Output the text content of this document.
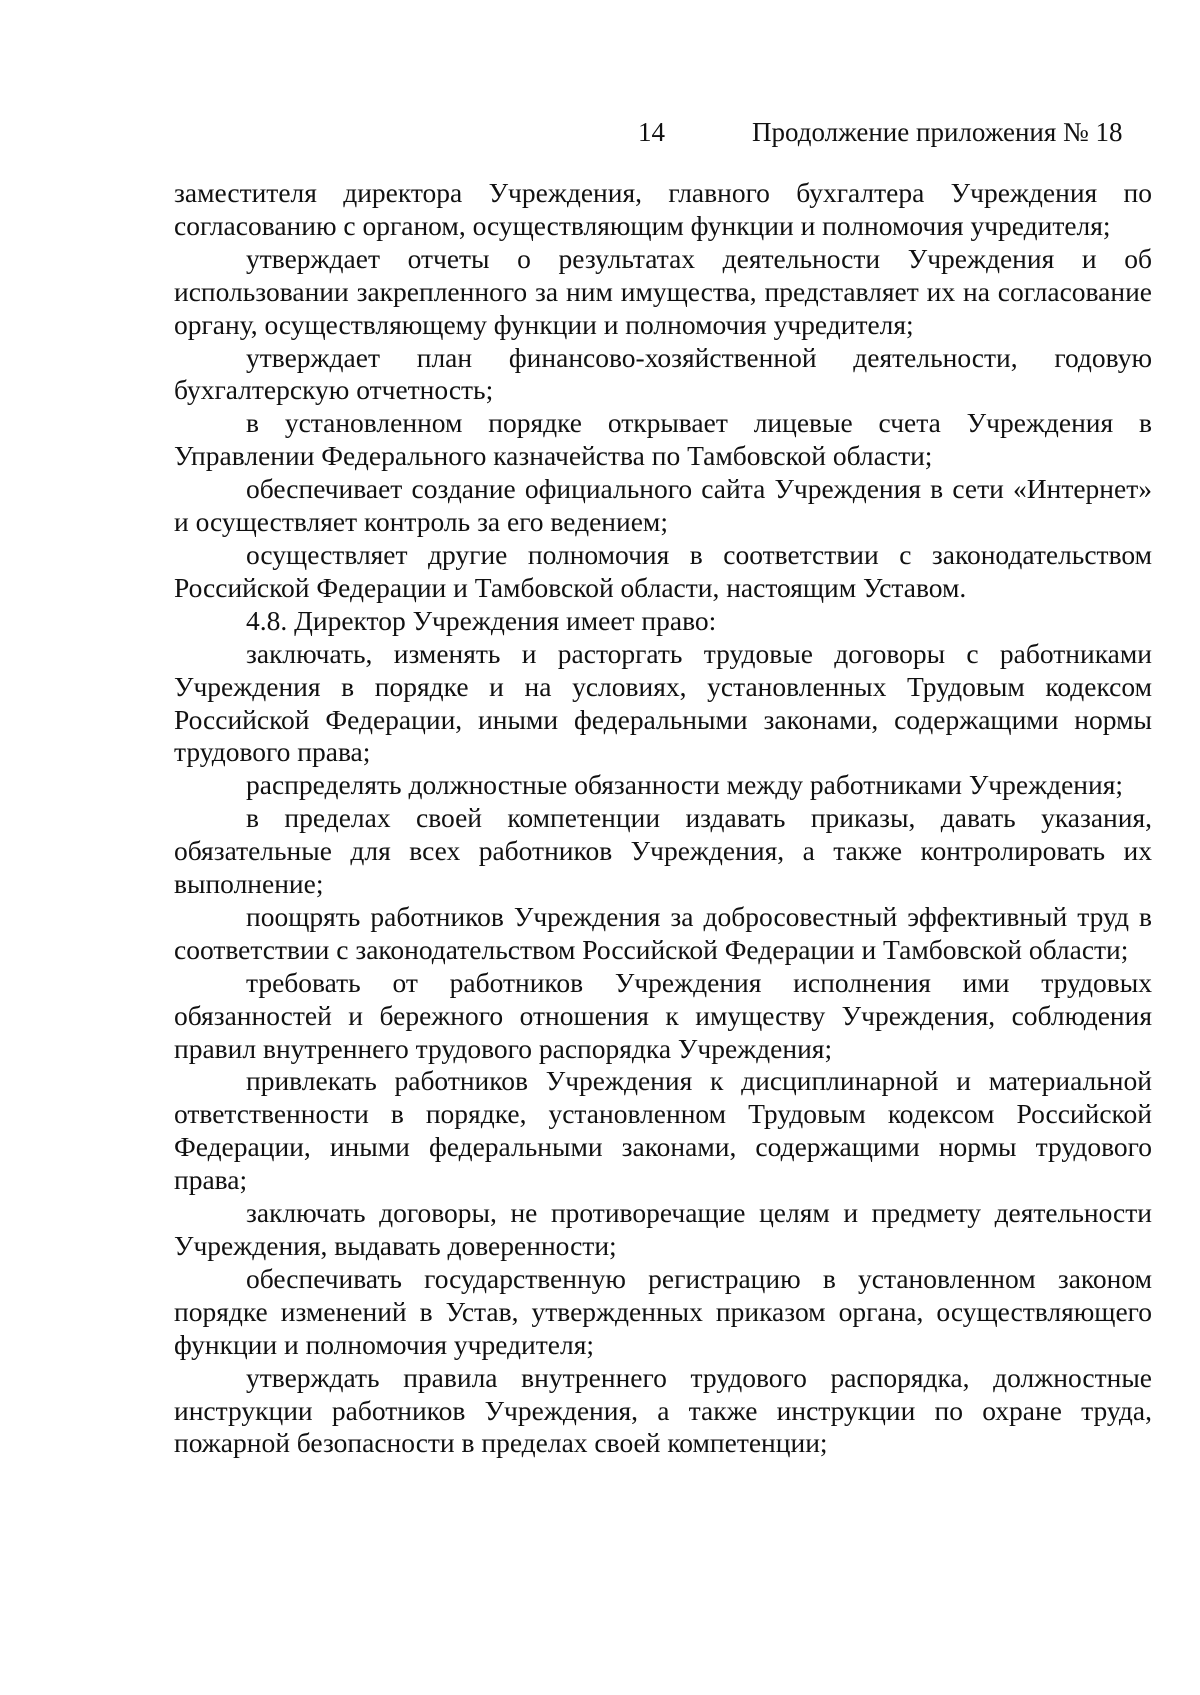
14	Продолжение приложения № 18

заместителя директора Учреждения, главного бухгалтера Учреждения по согласованию с органом, осуществляющим функции и полномочия учредителя;

утверждает отчеты о результатах деятельности Учреждения и об использовании закрепленного за ним имущества, представляет их на согласование органу, осуществляющему функции и полномочия учредителя;

утверждает план финансово-хозяйственной деятельности, годовую бухгалтерскую отчетность;

в установленном порядке открывает лицевые счета Учреждения в Управлении Федерального казначейства по Тамбовской области;

обеспечивает создание официального сайта Учреждения в сети «Интернет» и осуществляет контроль за его ведением;

осуществляет другие полномочия в соответствии с законодательством Российской Федерации и Тамбовской области, настоящим Уставом.

4.8. Директор Учреждения имеет право:

заключать, изменять и расторгать трудовые договоры с работниками Учреждения в порядке и на условиях, установленных Трудовым кодексом Российской Федерации, иными федеральными законами, содержащими нормы трудового права;

распределять должностные обязанности между работниками Учреждения;

в пределах своей компетенции издавать приказы, давать указания, обязательные для всех работников Учреждения, а также контролировать их выполнение;

поощрять работников Учреждения за добросовестный эффективный труд в соответствии с законодательством Российской Федерации и Тамбовской области;

требовать от работников Учреждения исполнения ими трудовых обязанностей и бережного отношения к имуществу Учреждения, соблюдения правил внутреннего трудового распорядка Учреждения;

привлекать работников Учреждения к дисциплинарной и материальной ответственности в порядке, установленном Трудовым кодексом Российской Федерации, иными федеральными законами, содержащими нормы трудового права;

заключать договоры, не противоречащие целям и предмету деятельности Учреждения, выдавать доверенности;

обеспечивать государственную регистрацию в установленном законом порядке изменений в Устав, утвержденных приказом органа, осуществляющего функции и полномочия учредителя;

утверждать правила внутреннего трудового распорядка, должностные инструкции работников Учреждения, а также инструкции по охране труда, пожарной безопасности в пределах своей компетенции;
